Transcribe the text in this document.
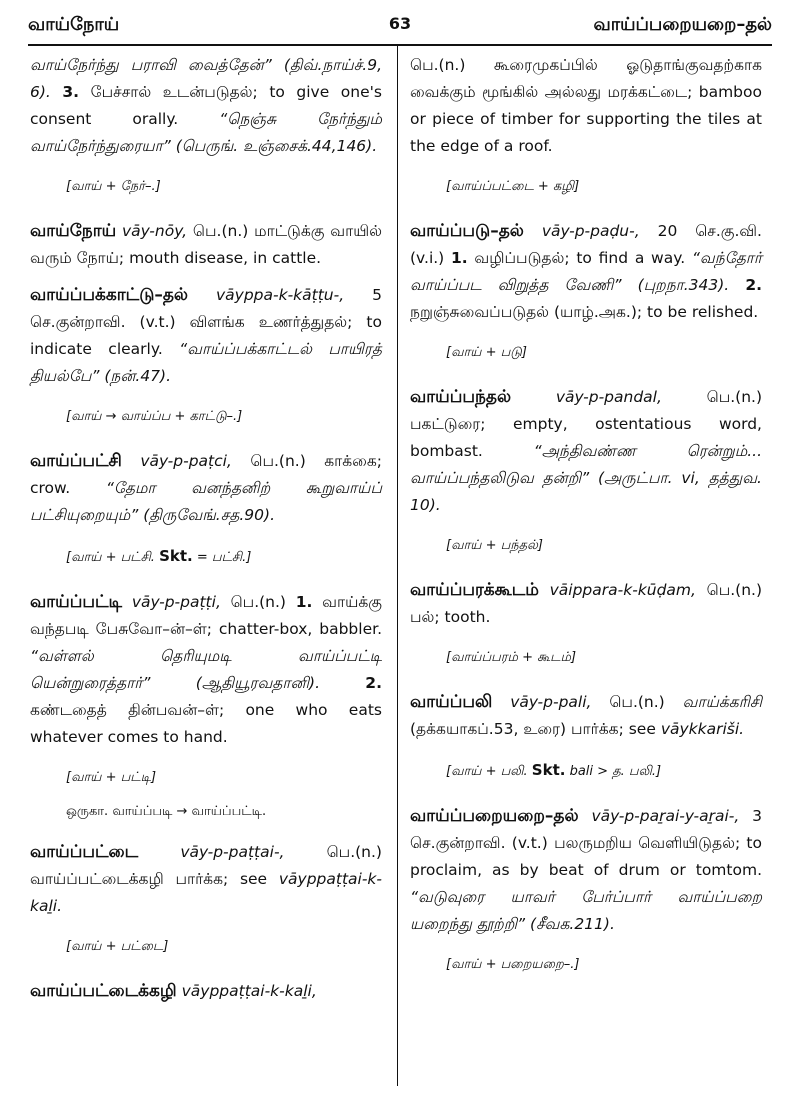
வாய்நோய்	63	வாய்ப்பறையறை–தல்

வாய்நேர்ந்து பராவி வைத்தேன்” (திவ்.நாய்ச்.9, 6). 3. பேச்சால் உடன்படுதல்; to give one's consent orally.	“நெஞ்சு நேர்ந்தும் வாய்நேர்ந்துரையா” (பெருங். உஞ்சைக்.44,146).

[வாய் + நேர்–.]

வாய்நோய் vāy-nōy, பெ.(n.) மாட்டுக்கு வாயில் வரும் நோய்; mouth disease, in cattle.

வாய்ப்பக்காட்டு–தல் vāyppa-k-kāṭṭu-, 5 செ.குன்றாவி. (v.t.) விளங்க உணர்த்துதல்; to indicate clearly. “வாய்ப்பக்காட்டல் பாயிரத் தியல்பே” (நன்.47).

[வாய் → வாய்ப்ப + காட்டு–.]

வாய்ப்பட்சி vāy-p-paṭci, பெ.(n.) காக்கை; crow. “தேமா வனந்தனிற் கூறுவாய்ப் பட்சியுறையும்” (திருவேங்.சத.90).

[வாய் + பட்சி. Skt. = பட்சி.]

வாய்ப்பட்டி vāy-p-paṭṭi, பெ.(n.) 1. வாய்க்கு வந்தபடி பேசுவோ–ன்–ள்; chatter-box, babbler. “வள்ளல் தெரியுமடி வாய்ப்பட்டி யென்றுரைத்தார்”	(ஆதியூரவதானி).	2. கண்டதைத் தின்பவன்–ள்; one who eats whatever comes to hand.

[வாய் + பட்டி]
ஒருகா. வாய்ப்படி → வாய்ப்பட்டி.

வாய்ப்பட்டை	vāy-p-paṭṭai-,	பெ.(n.) வாய்ப்பட்டைக்கழி பார்க்க; see vāyppaṭṭai-k-kaḻi.

[வாய் + பட்டை]

வாய்ப்பட்டைக்கழி vāyppaṭṭai-k-kaḻi,

பெ.(n.) கூரைமுகப்பில் ஓடுதாங்குவதற்காக வைக்கும் மூங்கில் அல்லது மரக்கட்டை; bamboo or piece of timber for supporting the tiles at the edge of a roof.

[வாய்ப்பட்டை + கழி]

வாய்ப்படு–தல் vāy-p-paḍu-, 20 செ.கு.வி. (v.i.) 1. வழிப்படுதல்; to find a way. “வந்தோர் வாய்ப்பட விறுத்த வேணி” (புறநா.343). 2. நறுஞ்சுவைப்படுதல் (யாழ்.அக.); to be relished.

[வாய் + படு]

வாய்ப்பந்தல்	vāy-p-pandal,	பெ.(n.) பகட்டுரை; empty, ostentatious word, bombast.	“அந்திவண்ண ரென்றும்... வாய்ப்பந்தலிடுவ தன்றி” (அருட்பா. vi, தத்துவ. 10).

[வாய் + பந்தல்]

வாய்ப்பரக்கூடம் vāippara-k-kūḍam, பெ.(n.) பல்; tooth.

[வாய்ப்பரம் + கூடம்]

வாய்ப்பலி vāy-p-pali, பெ.(n.) வாய்க்கரிசி (தக்கயாகப்.53, உரை) பார்க்க; see vāykkariši.

[வாய் + பலி. Skt. bali > த. பலி.]

வாய்ப்பறையறை–தல் vāy-p-paṟai-y-aṟai-, 3 செ.குன்றாவி. (v.t.) பலருமறிய வெளியிடுதல்; to proclaim, as by beat of drum or tomtom. “வடுவுரை யாவர் பேர்ப்பார் வாய்ப்பறை யறைந்து தூற்றி” (சீவக.211).

[வாய் + பறையறை–.]
